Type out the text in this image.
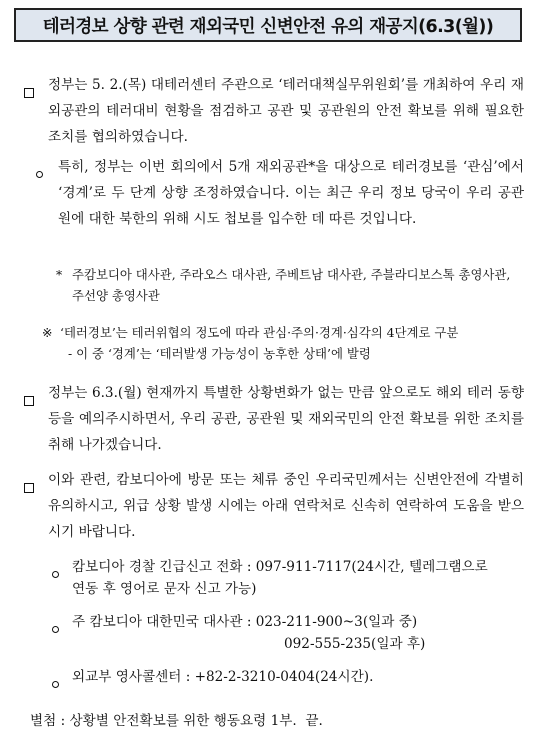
테러경보 상향 관련 재외국민 신변안전 유의 재공지(6.3(월))
정부는 5. 2.(목) 대테러센터 주관으로 ‘테러대책실무위원회’를 개최하여 우리 재외공관의 테러대비 현황을 점검하고 공관 및 공관원의 안전 확보를 위해 필요한 조치를 협의하였습니다.
특히, 정부는 이번 회의에서 5개 재외공관*을 대상으로 테러경보를 ‘관심’에서 ‘경계’로 두 단계 상향 조정하였습니다. 이는 최근 우리 정보 당국이 우리 공관원에 대한 북한의 위해 시도 첩보를 입수한 데 따른 것입니다.
* 주캄보디아 대사관, 주라오스 대사관, 주베트남 대사관, 주블라디보스톡 총영사관, 주선양 총영사관
※ ‘테러경보’는 테러위협의 정도에 따라 관심·주의·경계·심각의 4단계로 구분
- 이 중 ‘경계’는 ‘테러발생 가능성이 농후한 상태’에 발령
정부는 6.3.(월) 현재까지 특별한 상황변화가 없는 만큼 앞으로도 해외 테러 동향 등을 예의주시하면서, 우리 공관, 공관원 및 재외국민의 안전 확보를 위한 조치를 취해 나가겠습니다.
이와 관련, 캄보디아에 방문 또는 체류 중인 우리국민께서는 신변안전에 각별히 유의하시고, 위급 상황 발생 시에는 아래 연락처로 신속히 연락하여 도움을 받으시기 바랍니다.
캄보디아 경찰 긴급신고 전화 : 097-911-7117(24시간, 텔레그램으로
연동 후 영어로 문자 신고 가능)
주 캄보디아 대한민국 대사관 : 023-211-900~3(일과 중)
092-555-235(일과 후)
외교부 영사콜센터 : +82-2-3210-0404(24시간).
별첨 : 상황별 안전확보를 위한 행동요령 1부.  끝.
